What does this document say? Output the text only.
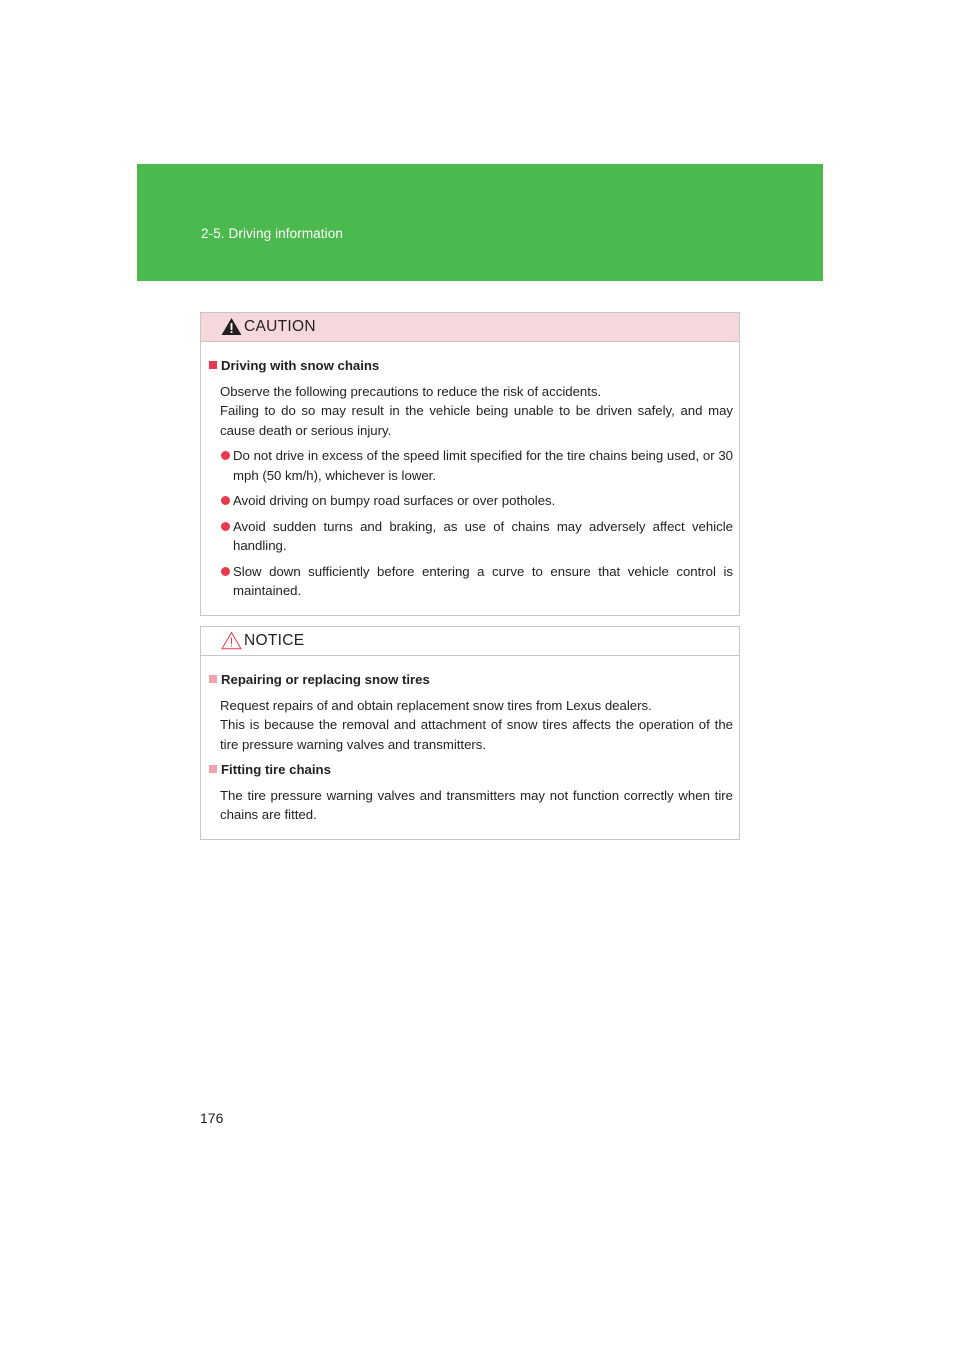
2-5. Driving information
CAUTION
Driving with snow chains
Observe the following precautions to reduce the risk of accidents.
Failing to do so may result in the vehicle being unable to be driven safely, and may cause death or serious injury.
Do not drive in excess of the speed limit specified for the tire chains being used, or 30 mph (50 km/h), whichever is lower.
Avoid driving on bumpy road surfaces or over potholes.
Avoid sudden turns and braking, as use of chains may adversely affect vehicle handling.
Slow down sufficiently before entering a curve to ensure that vehicle control is maintained.
NOTICE
Repairing or replacing snow tires
Request repairs of and obtain replacement snow tires from Lexus dealers.
This is because the removal and attachment of snow tires affects the operation of the tire pressure warning valves and transmitters.
Fitting tire chains
The tire pressure warning valves and transmitters may not function correctly when tire chains are fitted.
176
